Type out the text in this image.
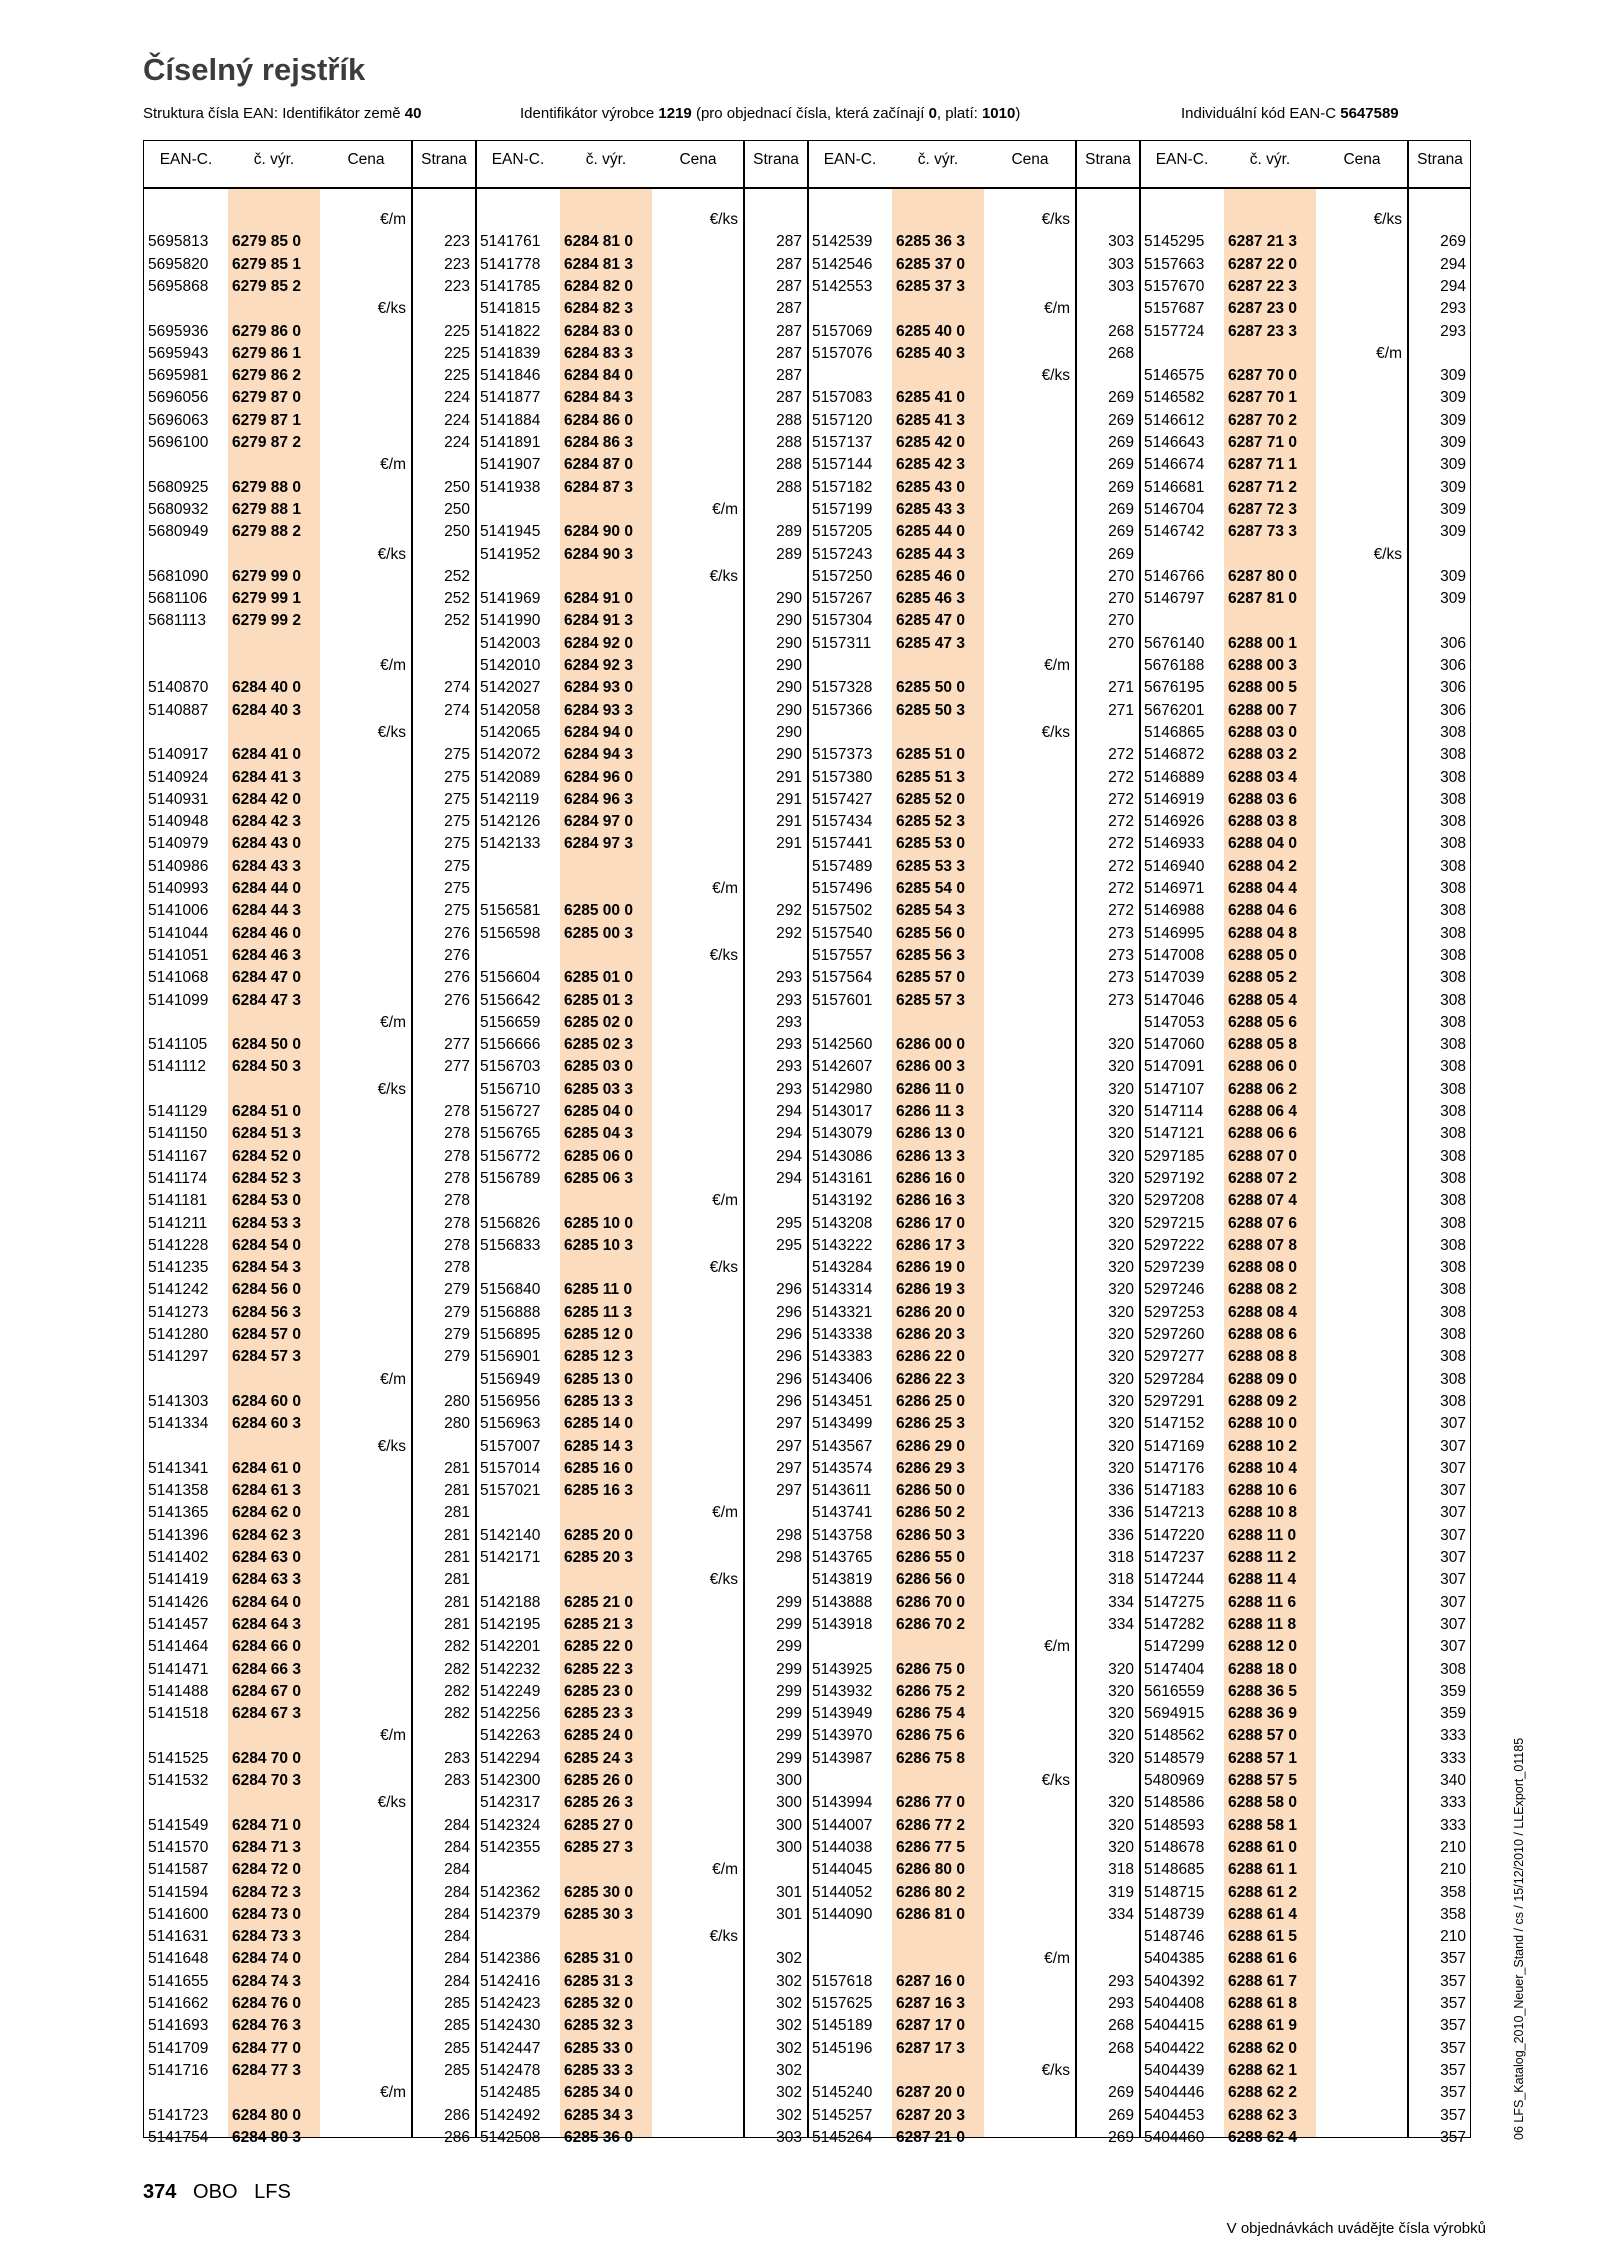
Číselný rejstřík
Struktura čísla EAN: Identifikátor země 40	Identifikátor výrobce 1219 (pro objednací čísla, která začínají 0, platí: 1010)	Individuální kód EAN-C 5647589
EAN-C.	č. výr.	Cena	Strana
€/m
5695813	6279 85 0	223
5695820	6279 85 1	223
5695868	6279 85 2	223
€/ks
5695936	6279 86 0	225
5695943	6279 86 1	225
5695981	6279 86 2	225
5696056	6279 87 0	224
5696063	6279 87 1	224
5696100	6279 87 2	224
€/m
5680925	6279 88 0	250
5680932	6279 88 1	250
5680949	6279 88 2	250
€/ks
5681090	6279 99 0	252
5681106	6279 99 1	252
5681113	6279 99 2	252
€/m
5140870	6284 40 0	274
5140887	6284 40 3	274
€/ks
5140917	6284 41 0	275
5140924	6284 41 3	275
5140931	6284 42 0	275
5140948	6284 42 3	275
5140979	6284 43 0	275
5140986	6284 43 3	275
5140993	6284 44 0	275
5141006	6284 44 3	275
5141044	6284 46 0	276
5141051	6284 46 3	276
5141068	6284 47 0	276
5141099	6284 47 3	276
€/m
5141105	6284 50 0	277
5141112	6284 50 3	277
€/ks
5141129	6284 51 0	278
5141150	6284 51 3	278
5141167	6284 52 0	278
5141174	6284 52 3	278
5141181	6284 53 0	278
5141211	6284 53 3	278
5141228	6284 54 0	278
5141235	6284 54 3	278
5141242	6284 56 0	279
5141273	6284 56 3	279
5141280	6284 57 0	279
5141297	6284 57 3	279
€/m
5141303	6284 60 0	280
5141334	6284 60 3	280
€/ks
5141341	6284 61 0	281
5141358	6284 61 3	281
5141365	6284 62 0	281
5141396	6284 62 3	281
5141402	6284 63 0	281
5141419	6284 63 3	281
5141426	6284 64 0	281
5141457	6284 64 3	281
5141464	6284 66 0	282
5141471	6284 66 3	282
5141488	6284 67 0	282
5141518	6284 67 3	282
€/m
5141525	6284 70 0	283
5141532	6284 70 3	283
€/ks
5141549	6284 71 0	284
5141570	6284 71 3	284
5141587	6284 72 0	284
5141594	6284 72 3	284
5141600	6284 73 0	284
5141631	6284 73 3	284
5141648	6284 74 0	284
5141655	6284 74 3	284
5141662	6284 76 0	285
5141693	6284 76 3	285
5141709	6284 77 0	285
5141716	6284 77 3	285
€/m
5141723	6284 80 0	286
5141754	6284 80 3	286
EAN-C.	č. výr.	Cena	Strana
€/ks
5141761	6284 81 0	287
5141778	6284 81 3	287
5141785	6284 82 0	287
5141815	6284 82 3	287
5141822	6284 83 0	287
5141839	6284 83 3	287
5141846	6284 84 0	287
5141877	6284 84 3	287
5141884	6284 86 0	288
5141891	6284 86 3	288
5141907	6284 87 0	288
5141938	6284 87 3	288
€/m
5141945	6284 90 0	289
5141952	6284 90 3	289
€/ks
5141969	6284 91 0	290
5141990	6284 91 3	290
5142003	6284 92 0	290
5142010	6284 92 3	290
5142027	6284 93 0	290
5142058	6284 93 3	290
5142065	6284 94 0	290
5142072	6284 94 3	290
5142089	6284 96 0	291
5142119	6284 96 3	291
5142126	6284 97 0	291
5142133	6284 97 3	291
€/m
5156581	6285 00 0	292
5156598	6285 00 3	292
€/ks
5156604	6285 01 0	293
5156642	6285 01 3	293
5156659	6285 02 0	293
5156666	6285 02 3	293
5156703	6285 03 0	293
5156710	6285 03 3	293
5156727	6285 04 0	294
5156765	6285 04 3	294
5156772	6285 06 0	294
5156789	6285 06 3	294
€/m
5156826	6285 10 0	295
5156833	6285 10 3	295
€/ks
5156840	6285 11 0	296
5156888	6285 11 3	296
5156895	6285 12 0	296
5156901	6285 12 3	296
5156949	6285 13 0	296
5156956	6285 13 3	296
5156963	6285 14 0	297
5157007	6285 14 3	297
5157014	6285 16 0	297
5157021	6285 16 3	297
€/m
5142140	6285 20 0	298
5142171	6285 20 3	298
€/ks
5142188	6285 21 0	299
5142195	6285 21 3	299
5142201	6285 22 0	299
5142232	6285 22 3	299
5142249	6285 23 0	299
5142256	6285 23 3	299
5142263	6285 24 0	299
5142294	6285 24 3	299
5142300	6285 26 0	300
5142317	6285 26 3	300
5142324	6285 27 0	300
5142355	6285 27 3	300
€/m
5142362	6285 30 0	301
5142379	6285 30 3	301
€/ks
5142386	6285 31 0	302
5142416	6285 31 3	302
5142423	6285 32 0	302
5142430	6285 32 3	302
5142447	6285 33 0	302
5142478	6285 33 3	302
5142485	6285 34 0	302
5142492	6285 34 3	302
5142508	6285 36 0	303
EAN-C.	č. výr.	Cena	Strana
€/ks
5142539	6285 36 3	303
5142546	6285 37 0	303
5142553	6285 37 3	303
€/m
5157069	6285 40 0	268
5157076	6285 40 3	268
€/ks
5157083	6285 41 0	269
5157120	6285 41 3	269
5157137	6285 42 0	269
5157144	6285 42 3	269
5157182	6285 43 0	269
5157199	6285 43 3	269
5157205	6285 44 0	269
5157243	6285 44 3	269
5157250	6285 46 0	270
5157267	6285 46 3	270
5157304	6285 47 0	270
5157311	6285 47 3	270
€/m
5157328	6285 50 0	271
5157366	6285 50 3	271
€/ks
5157373	6285 51 0	272
5157380	6285 51 3	272
5157427	6285 52 0	272
5157434	6285 52 3	272
5157441	6285 53 0	272
5157489	6285 53 3	272
5157496	6285 54 0	272
5157502	6285 54 3	272
5157540	6285 56 0	273
5157557	6285 56 3	273
5157564	6285 57 0	273
5157601	6285 57 3	273
5142560	6286 00 0	320
5142607	6286 00 3	320
5142980	6286 11 0	320
5143017	6286 11 3	320
5143079	6286 13 0	320
5143086	6286 13 3	320
5143161	6286 16 0	320
5143192	6286 16 3	320
5143208	6286 17 0	320
5143222	6286 17 3	320
5143284	6286 19 0	320
5143314	6286 19 3	320
5143321	6286 20 0	320
5143338	6286 20 3	320
5143383	6286 22 0	320
5143406	6286 22 3	320
5143451	6286 25 0	320
5143499	6286 25 3	320
5143567	6286 29 0	320
5143574	6286 29 3	320
5143611	6286 50 0	336
5143741	6286 50 2	336
5143758	6286 50 3	336
5143765	6286 55 0	318
5143819	6286 56 0	318
5143888	6286 70 0	334
5143918	6286 70 2	334
€/m
5143925	6286 75 0	320
5143932	6286 75 2	320
5143949	6286 75 4	320
5143970	6286 75 6	320
5143987	6286 75 8	320
€/ks
5143994	6286 77 0	320
5144007	6286 77 2	320
5144038	6286 77 5	320
5144045	6286 80 0	318
5144052	6286 80 2	319
5144090	6286 81 0	334
€/m
5157618	6287 16 0	293
5157625	6287 16 3	293
5145189	6287 17 0	268
5145196	6287 17 3	268
€/ks
5145240	6287 20 0	269
5145257	6287 20 3	269
5145264	6287 21 0	269
EAN-C.	č. výr.	Cena	Strana
€/ks
5145295	6287 21 3	269
5157663	6287 22 0	294
5157670	6287 22 3	294
5157687	6287 23 0	293
5157724	6287 23 3	293
€/m
5146575	6287 70 0	309
5146582	6287 70 1	309
5146612	6287 70 2	309
5146643	6287 71 0	309
5146674	6287 71 1	309
5146681	6287 71 2	309
5146704	6287 72 3	309
5146742	6287 73 3	309
€/ks
5146766	6287 80 0	309
5146797	6287 81 0	309
5676140	6288 00 1	306
5676188	6288 00 3	306
5676195	6288 00 5	306
5676201	6288 00 7	306
5146865	6288 03 0	308
5146872	6288 03 2	308
5146889	6288 03 4	308
5146919	6288 03 6	308
5146926	6288 03 8	308
5146933	6288 04 0	308
5146940	6288 04 2	308
5146971	6288 04 4	308
5146988	6288 04 6	308
5146995	6288 04 8	308
5147008	6288 05 0	308
5147039	6288 05 2	308
5147046	6288 05 4	308
5147053	6288 05 6	308
5147060	6288 05 8	308
5147091	6288 06 0	308
5147107	6288 06 2	308
5147114	6288 06 4	308
5147121	6288 06 6	308
5297185	6288 07 0	308
5297192	6288 07 2	308
5297208	6288 07 4	308
5297215	6288 07 6	308
5297222	6288 07 8	308
5297239	6288 08 0	308
5297246	6288 08 2	308
5297253	6288 08 4	308
5297260	6288 08 6	308
5297277	6288 08 8	308
5297284	6288 09 0	308
5297291	6288 09 2	308
5147152	6288 10 0	307
5147169	6288 10 2	307
5147176	6288 10 4	307
5147183	6288 10 6	307
5147213	6288 10 8	307
5147220	6288 11 0	307
5147237	6288 11 2	307
5147244	6288 11 4	307
5147275	6288 11 6	307
5147282	6288 11 8	307
5147299	6288 12 0	307
5147404	6288 18 0	308
5616559	6288 36 5	359
5694915	6288 36 9	359
5148562	6288 57 0	333
5148579	6288 57 1	333
5480969	6288 57 5	340
5148586	6288 58 0	333
5148593	6288 58 1	333
5148678	6288 61 0	210
5148685	6288 61 1	210
5148715	6288 61 2	358
5148739	6288 61 4	358
5148746	6288 61 5	210
5404385	6288 61 6	357
5404392	6288 61 7	357
5404408	6288 61 8	357
5404415	6288 61 9	357
5404422	6288 62 0	357
5404439	6288 62 1	357
5404446	6288 62 2	357
5404453	6288 62 3	357
5404460	6288 62 4	357
374 OBO LFS
V objednávkách uvádějte čísla výrobků
06 LFS_Katalog_2010_Neuer_Stand / cs / 15/12/2010 / LLExport_01185
